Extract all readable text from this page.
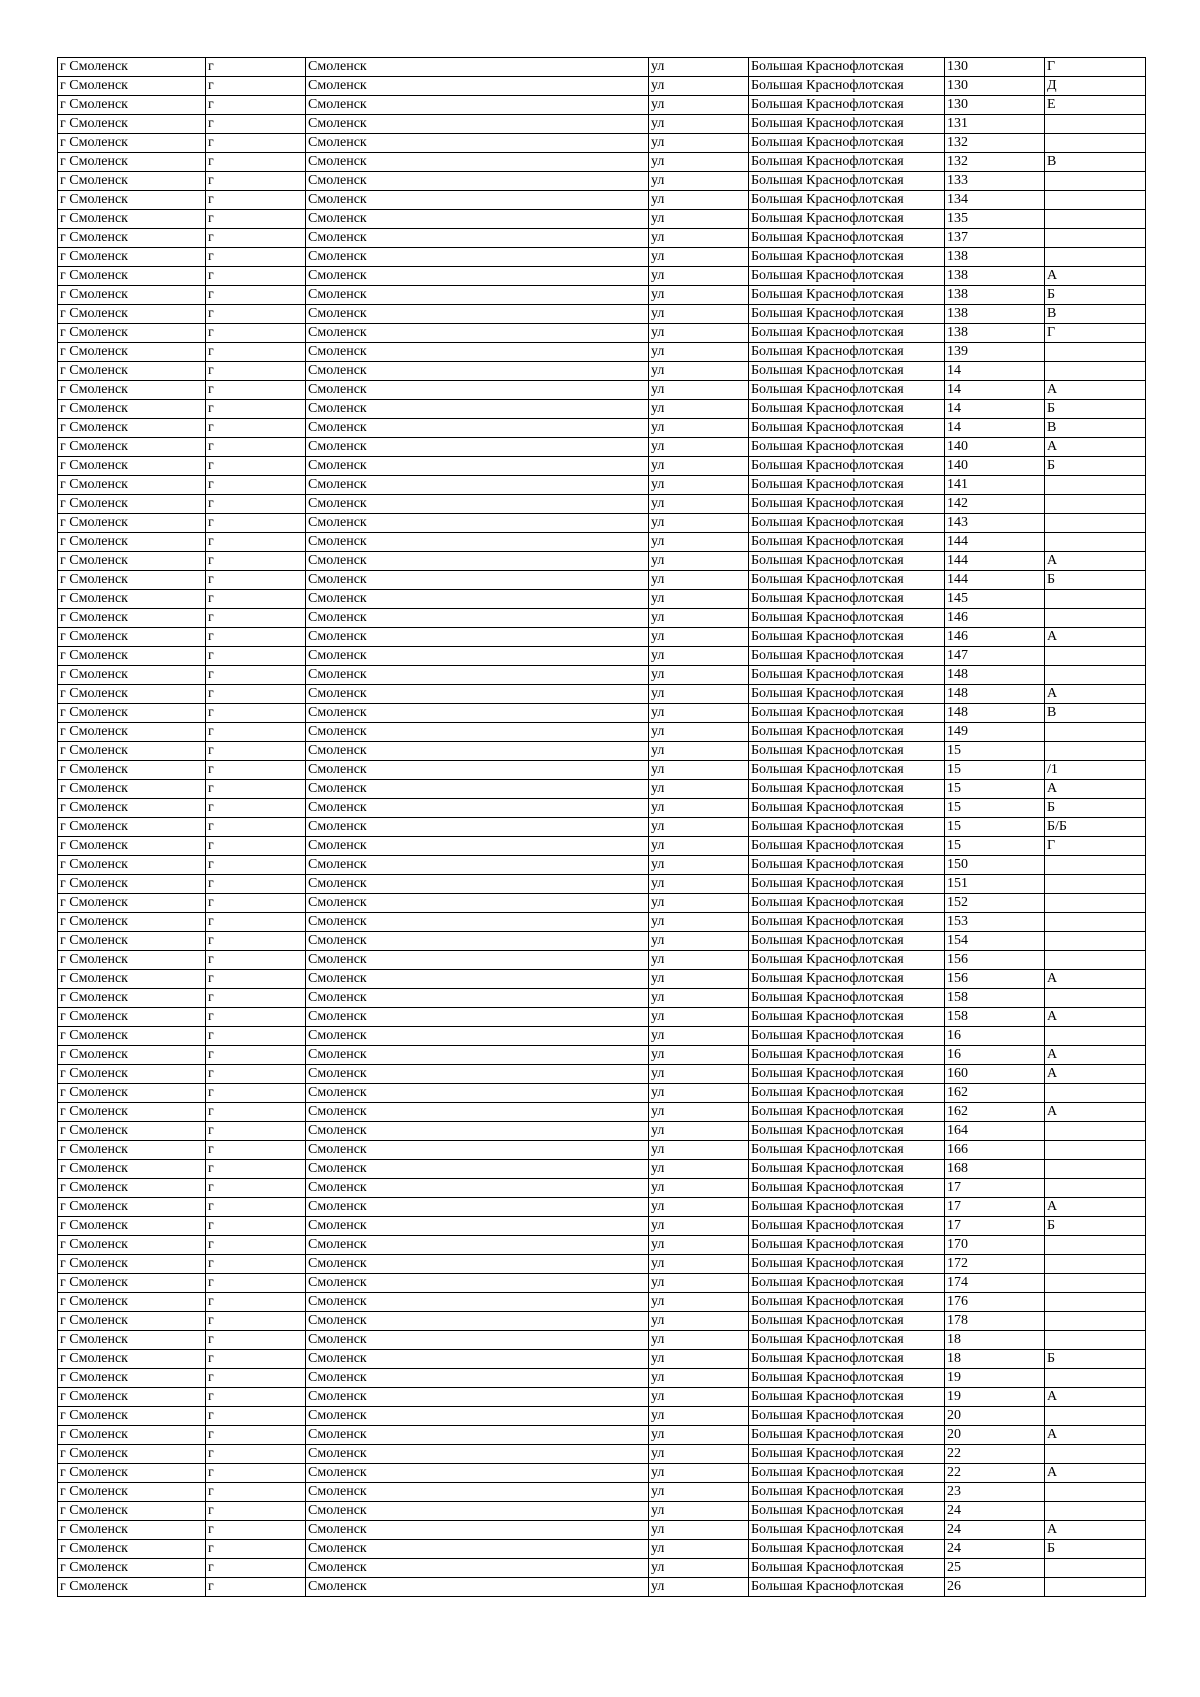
г Смоленск	г	Смоленск	ул	Большая Краснофлотская	130	Г
г Смоленск	г	Смоленск	ул	Большая Краснофлотская	130	Д
г Смоленск	г	Смоленск	ул	Большая Краснофлотская	130	Е
г Смоленск	г	Смоленск	ул	Большая Краснофлотская	131	
г Смоленск	г	Смоленск	ул	Большая Краснофлотская	132	
г Смоленск	г	Смоленск	ул	Большая Краснофлотская	132	В
г Смоленск	г	Смоленск	ул	Большая Краснофлотская	133	
г Смоленск	г	Смоленск	ул	Большая Краснофлотская	134	
г Смоленск	г	Смоленск	ул	Большая Краснофлотская	135	
г Смоленск	г	Смоленск	ул	Большая Краснофлотская	137	
г Смоленск	г	Смоленск	ул	Большая Краснофлотская	138	
г Смоленск	г	Смоленск	ул	Большая Краснофлотская	138	А
г Смоленск	г	Смоленск	ул	Большая Краснофлотская	138	Б
г Смоленск	г	Смоленск	ул	Большая Краснофлотская	138	В
г Смоленск	г	Смоленск	ул	Большая Краснофлотская	138	Г
г Смоленск	г	Смоленск	ул	Большая Краснофлотская	139	
г Смоленск	г	Смоленск	ул	Большая Краснофлотская	14	
г Смоленск	г	Смоленск	ул	Большая Краснофлотская	14	А
г Смоленск	г	Смоленск	ул	Большая Краснофлотская	14	Б
г Смоленск	г	Смоленск	ул	Большая Краснофлотская	14	В
г Смоленск	г	Смоленск	ул	Большая Краснофлотская	140	А
г Смоленск	г	Смоленск	ул	Большая Краснофлотская	140	Б
г Смоленск	г	Смоленск	ул	Большая Краснофлотская	141	
г Смоленск	г	Смоленск	ул	Большая Краснофлотская	142	
г Смоленск	г	Смоленск	ул	Большая Краснофлотская	143	
г Смоленск	г	Смоленск	ул	Большая Краснофлотская	144	
г Смоленск	г	Смоленск	ул	Большая Краснофлотская	144	А
г Смоленск	г	Смоленск	ул	Большая Краснофлотская	144	Б
г Смоленск	г	Смоленск	ул	Большая Краснофлотская	145	
г Смоленск	г	Смоленск	ул	Большая Краснофлотская	146	
г Смоленск	г	Смоленск	ул	Большая Краснофлотская	146	А
г Смоленск	г	Смоленск	ул	Большая Краснофлотская	147	
г Смоленск	г	Смоленск	ул	Большая Краснофлотская	148	
г Смоленск	г	Смоленск	ул	Большая Краснофлотская	148	А
г Смоленск	г	Смоленск	ул	Большая Краснофлотская	148	В
г Смоленск	г	Смоленск	ул	Большая Краснофлотская	149	
г Смоленск	г	Смоленск	ул	Большая Краснофлотская	15	
г Смоленск	г	Смоленск	ул	Большая Краснофлотская	15	/1
г Смоленск	г	Смоленск	ул	Большая Краснофлотская	15	А
г Смоленск	г	Смоленск	ул	Большая Краснофлотская	15	Б
г Смоленск	г	Смоленск	ул	Большая Краснофлотская	15	Б/Б
г Смоленск	г	Смоленск	ул	Большая Краснофлотская	15	Г
г Смоленск	г	Смоленск	ул	Большая Краснофлотская	150	
г Смоленск	г	Смоленск	ул	Большая Краснофлотская	151	
г Смоленск	г	Смоленск	ул	Большая Краснофлотская	152	
г Смоленск	г	Смоленск	ул	Большая Краснофлотская	153	
г Смоленск	г	Смоленск	ул	Большая Краснофлотская	154	
г Смоленск	г	Смоленск	ул	Большая Краснофлотская	156	
г Смоленск	г	Смоленск	ул	Большая Краснофлотская	156	А
г Смоленск	г	Смоленск	ул	Большая Краснофлотская	158	
г Смоленск	г	Смоленск	ул	Большая Краснофлотская	158	А
г Смоленск	г	Смоленск	ул	Большая Краснофлотская	16	
г Смоленск	г	Смоленск	ул	Большая Краснофлотская	16	А
г Смоленск	г	Смоленск	ул	Большая Краснофлотская	160	А
г Смоленск	г	Смоленск	ул	Большая Краснофлотская	162	
г Смоленск	г	Смоленск	ул	Большая Краснофлотская	162	А
г Смоленск	г	Смоленск	ул	Большая Краснофлотская	164	
г Смоленск	г	Смоленск	ул	Большая Краснофлотская	166	
г Смоленск	г	Смоленск	ул	Большая Краснофлотская	168	
г Смоленск	г	Смоленск	ул	Большая Краснофлотская	17	
г Смоленск	г	Смоленск	ул	Большая Краснофлотская	17	А
г Смоленск	г	Смоленск	ул	Большая Краснофлотская	17	Б
г Смоленск	г	Смоленск	ул	Большая Краснофлотская	170	
г Смоленск	г	Смоленск	ул	Большая Краснофлотская	172	
г Смоленск	г	Смоленск	ул	Большая Краснофлотская	174	
г Смоленск	г	Смоленск	ул	Большая Краснофлотская	176	
г Смоленск	г	Смоленск	ул	Большая Краснофлотская	178	
г Смоленск	г	Смоленск	ул	Большая Краснофлотская	18	
г Смоленск	г	Смоленск	ул	Большая Краснофлотская	18	Б
г Смоленск	г	Смоленск	ул	Большая Краснофлотская	19	
г Смоленск	г	Смоленск	ул	Большая Краснофлотская	19	А
г Смоленск	г	Смоленск	ул	Большая Краснофлотская	20	
г Смоленск	г	Смоленск	ул	Большая Краснофлотская	20	А
г Смоленск	г	Смоленск	ул	Большая Краснофлотская	22	
г Смоленск	г	Смоленск	ул	Большая Краснофлотская	22	А
г Смоленск	г	Смоленск	ул	Большая Краснофлотская	23	
г Смоленск	г	Смоленск	ул	Большая Краснофлотская	24	
г Смоленск	г	Смоленск	ул	Большая Краснофлотская	24	А
г Смоленск	г	Смоленск	ул	Большая Краснофлотская	24	Б
г Смоленск	г	Смоленск	ул	Большая Краснофлотская	25	
г Смоленск	г	Смоленск	ул	Большая Краснофлотская	26	
